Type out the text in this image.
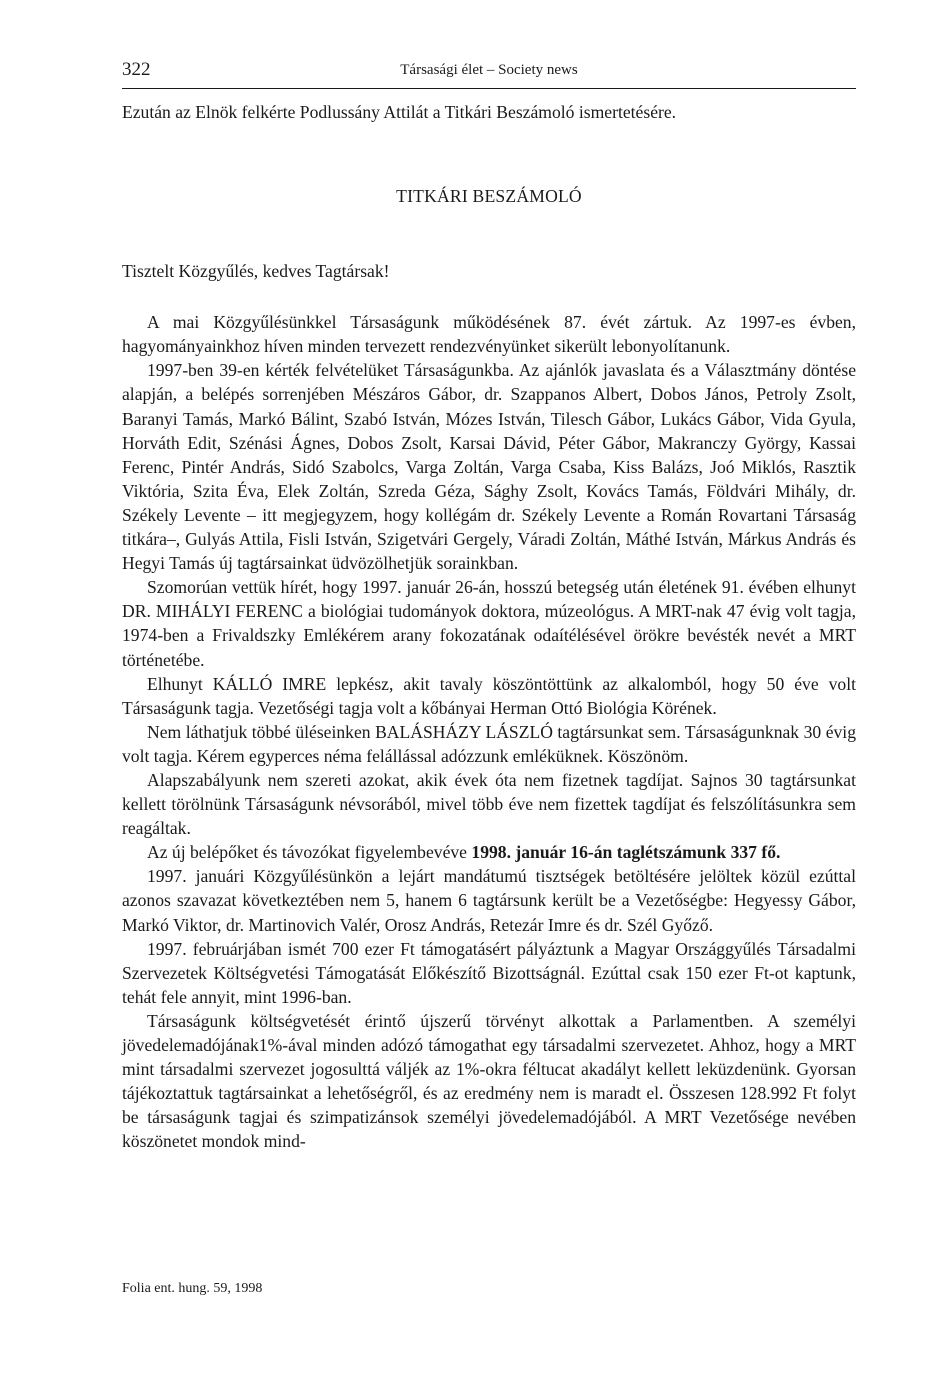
322	Társasági élet – Society news

Ezután az Elnök felkérte Podlussány Attilát a Titkári Beszámoló ismertetésére.

TITKÁRI BESZÁMOLÓ

Tisztelt Közgyűlés, kedves Tagtársak!

A mai Közgyűlésünkkel Társaságunk működésének 87. évét zártuk. Az 1997-es évben, hagyományainkhoz híven minden tervezett rendezvényünket sikerült lebonyolítanunk.

1997-ben 39-en kérték felvételüket Társaságunkba. Az ajánlók javaslata és a Választmány döntése alapján, a belépés sorrenjében Mészáros Gábor, dr. Szappanos Albert, Dobos János, Petroly Zsolt, Baranyi Tamás, Markó Bálint, Szabó István, Mózes István, Tilesch Gábor, Lukács Gábor, Vida Gyula, Horváth Edit, Szénási Ágnes, Dobos Zsolt, Karsai Dávid, Péter Gábor, Makranczy György, Kassai Ferenc, Pintér András, Sidó Szabolcs, Varga Zoltán, Varga Csaba, Kiss Balázs, Joó Miklós, Rasztik Viktória, Szita Éva, Elek Zoltán, Szreda Géza, Sághy Zsolt, Kovács Tamás, Földvári Mihály, dr. Székely Levente – itt megjegyzem, hogy kollégám dr. Székely Levente a Román Rovartani Társaság titkára–, Gulyás Attila, Fisli István, Szigetvári Gergely, Váradi Zoltán, Máthé István, Márkus András és Hegyi Tamás új tagtársainkat üdvözölhetjük sorainkban.

Szomorúan vettük hírét, hogy 1997. január 26-án, hosszú betegség után életének 91. évében elhunyt DR. MIHÁLYI FERENC a biológiai tudományok doktora, múzeológus. A MRT-nak 47 évig volt tagja, 1974-ben a Frivaldszky Emlékérem arany fokozatának odaítélésével örökre bevésték nevét a MRT történetébe.

Elhunyt KÁLLÓ IMRE lepkész, akit tavaly köszöntöttünk az alkalomból, hogy 50 éve volt Társaságunk tagja. Vezetőségi tagja volt a kőbányai Herman Ottó Biológia Körének.

Nem láthatjuk többé üléseinken BALÁSHÁZY LÁSZLÓ tagtársunkat sem. Társaságunknak 30 évig volt tagja. Kérem egyperces néma felállással adózzunk emléküknek. Köszönöm.

Alapszabályunk nem szereti azokat, akik évek óta nem fizetnek tagdíjat. Sajnos 30 tagtársunkat kellett törölnünk Társaságunk névsorából, mivel több éve nem fizettek tagdíjat és felszólításunkra sem reagáltak.

Az új belépőket és távozókat figyelembevéve 1998. január 16-án taglétszámunk 337 fő.

1997. januári Közgyűlésünkön a lejárt mandátumú tisztségek betöltésére jelöltek közül ezúttal azonos szavazat következtében nem 5, hanem 6 tagtársunk került be a Vezetőségbe: Hegyessy Gábor, Markó Viktor, dr. Martinovich Valér, Orosz András, Retezár Imre és dr. Szél Győző.

1997. februárjában ismét 700 ezer Ft támogatásért pályáztunk a Magyar Országgyűlés Társadalmi Szervezetek Költségvetési Támogatását Előkészítő Bizottságnál. Ezúttal csak 150 ezer Ft-ot kaptunk, tehát fele annyit, mint 1996-ban.

Társaságunk költségvetését érintő újszerű törvényt alkottak a Parlamentben. A személyi jövedelemadójának1%-ával minden adózó támogathat egy társadalmi szervezetet. Ahhoz, hogy a MRT mint társadalmi szervezet jogosulttá váljék az 1%-okra féltucat akadályt kellett leküzdenünk. Gyorsan tájékoztattuk tagtársainkat a lehetőségről, és az eredmény nem is maradt el. Összesen 128.992 Ft folyt be társaságunk tagjai és szimpatizánsok személyi jövedelemadójából. A MRT Vezetősége nevében köszönetet mondok mind-

Folia ent. hung. 59, 1998
